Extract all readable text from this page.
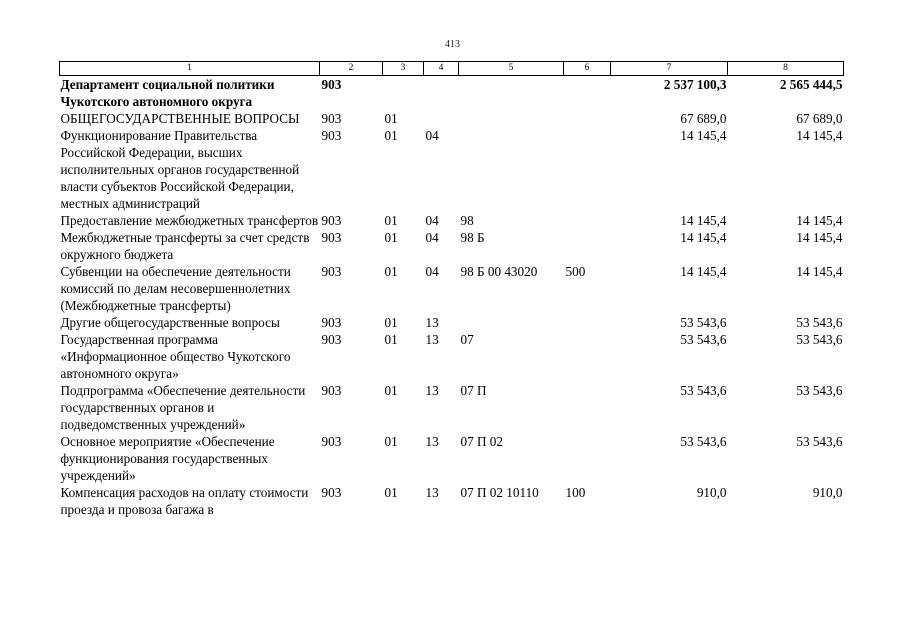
413
1	2	3	4	5	6	7	8
Департамент социальной политики Чукотского автономного округа	903					2 537 100,3	2 565 444,5
ОБЩЕГОСУДАРСТВЕННЫЕ ВОПРОСЫ	903	01				67 689,0	67 689,0
Функционирование Правительства Российской Федерации, высших исполнительных органов государственной власти субъектов Российской Федерации, местных администраций	903	01	04			14 145,4	14 145,4
Предоставление межбюджетных трансфертов	903	01	04	98		14 145,4	14 145,4
Межбюджетные трансферты за счет средств окружного бюджета	903	01	04	98 Б		14 145,4	14 145,4
Субвенции на обеспечение деятельности комиссий по делам несовершеннолетних (Межбюджетные трансферты)	903	01	04	98 Б 00 43020	500	14 145,4	14 145,4
Другие общегосударственные вопросы	903	01	13			53 543,6	53 543,6
Государственная программа «Информационное общество Чукотского автономного округа»	903	01	13	07		53 543,6	53 543,6
Подпрограмма «Обеспечение деятельности государственных органов и подведомственных учреждений»	903	01	13	07 П		53 543,6	53 543,6
Основное мероприятие «Обеспечение функционирования государственных учреждений»	903	01	13	07 П 02		53 543,6	53 543,6
Компенсация расходов на оплату стоимости проезда и провоза багажа в	903	01	13	07 П 02 10110	100	910,0	910,0
